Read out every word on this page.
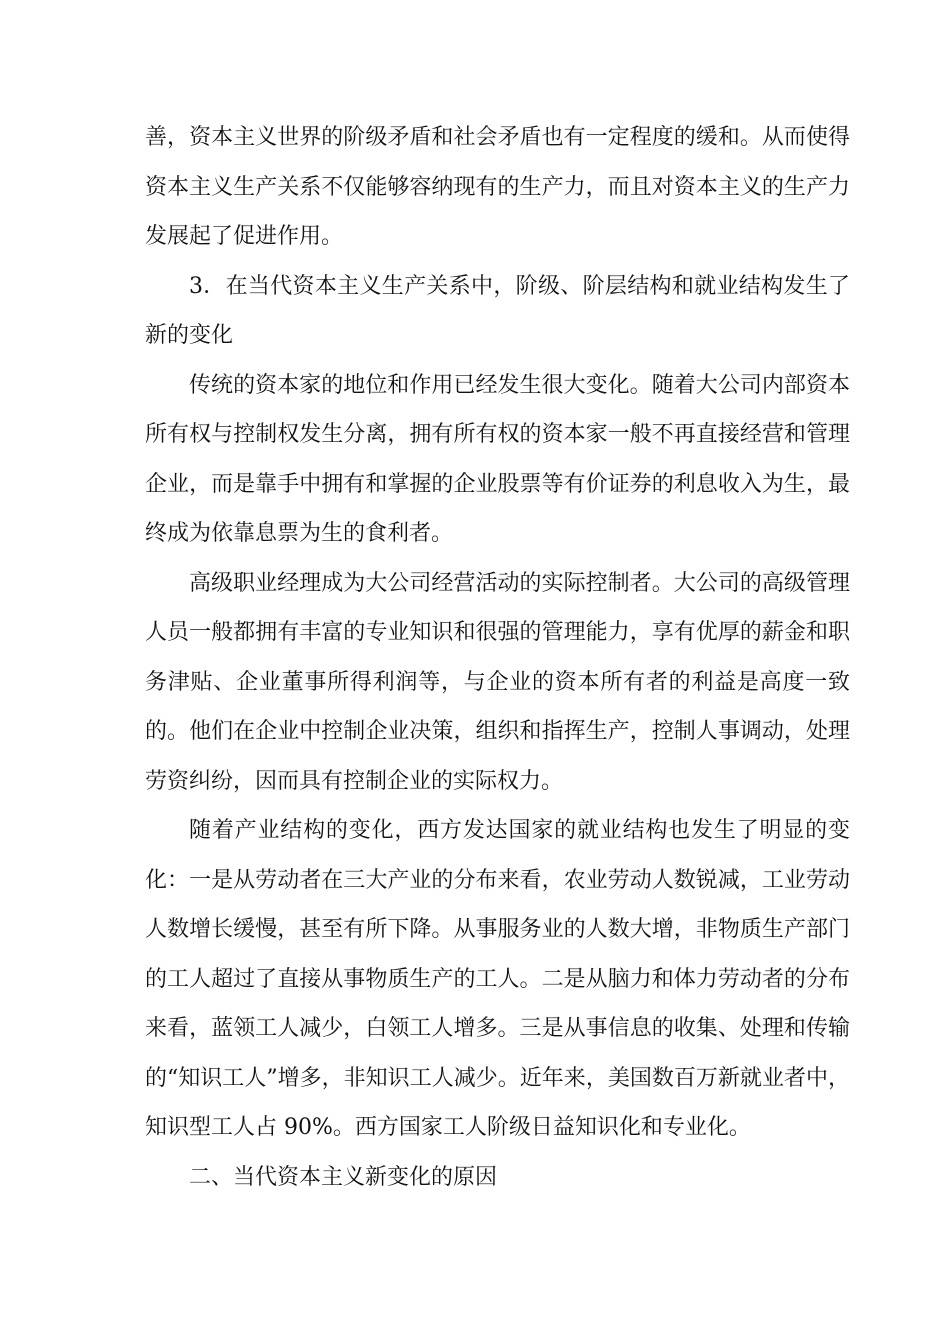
善，资本主义世界的阶级矛盾和社会矛盾也有一定程度的缓和。从而使得资本主义生产关系不仅能够容纳现有的生产力，而且对资本主义的生产力发展起了促进作用。

3．在当代资本主义生产关系中，阶级、阶层结构和就业结构发生了新的变化

传统的资本家的地位和作用已经发生很大变化。随着大公司内部资本所有权与控制权发生分离，拥有所有权的资本家一般不再直接经营和管理企业，而是靠手中拥有和掌握的企业股票等有价证券的利息收入为生，最终成为依靠息票为生的食利者。

高级职业经理成为大公司经营活动的实际控制者。大公司的高级管理人员一般都拥有丰富的专业知识和很强的管理能力，享有优厚的薪金和职务津贴、企业董事所得利润等，与企业的资本所有者的利益是高度一致的。他们在企业中控制企业决策，组织和指挥生产，控制人事调动，处理劳资纠纷，因而具有控制企业的实际权力。

随着产业结构的变化，西方发达国家的就业结构也发生了明显的变化：一是从劳动者在三大产业的分布来看，农业劳动人数锐减，工业劳动人数增长缓慢，甚至有所下降。从事服务业的人数大增，非物质生产部门的工人超过了直接从事物质生产的工人。二是从脑力和体力劳动者的分布来看，蓝领工人减少，白领工人增多。三是从事信息的收集、处理和传输的“知识工人”增多，非知识工人减少。近年来，美国数百万新就业者中，知识型工人占 90%。西方国家工人阶级日益知识化和专业化。

二、当代资本主义新变化的原因
